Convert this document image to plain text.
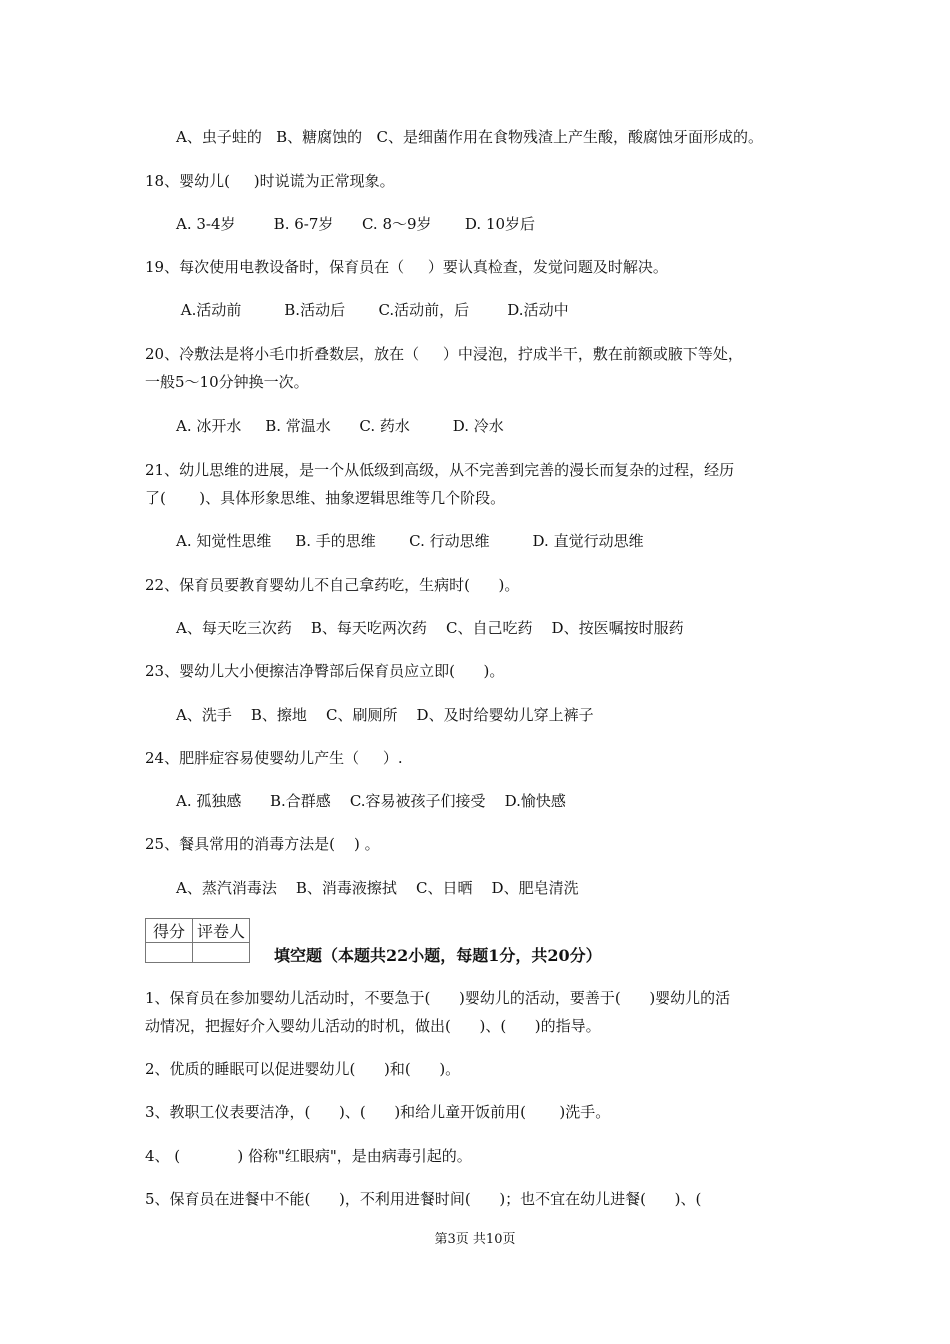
A、虫子蛀的   B、糖腐蚀的   C、是细菌作用在食物残渣上产生酸，酸腐蚀牙面形成的。
18、婴幼儿(     )时说谎为正常现象。
A. 3-4岁        B. 6-7岁      C. 8～9岁       D. 10岁后
19、每次使用电教设备时，保育员在（     ）要认真检查，发觉问题及时解决。
A.活动前         B.活动后       C.活动前，后        D.活动中
20、冷敷法是将小毛巾折叠数层，放在（     ）中浸泡，拧成半干，敷在前额或腋下等处，
一般5～10分钟换一次。
A. 冰开水     B. 常温水      C. 药水         D. 冷水
21、幼儿思维的进展，是一个从低级到高级，从不完善到完善的漫长而复杂的过程，经历
了(       )、具体形象思维、抽象逻辑思维等几个阶段。
A. 知觉性思维     B. 手的思维       C. 行动思维         D. 直觉行动思维
22、保育员要教育婴幼儿不自己拿药吃，生病时(      )。
A、每天吃三次药    B、每天吃两次药    C、自己吃药    D、按医嘱按时服药
23、婴幼儿大小便擦洁净臀部后保育员应立即(      )。
A、洗手    B、擦地    C、刷厕所    D、及时给婴幼儿穿上裤子
24、肥胖症容易使婴幼儿产生（     ）.
A. 孤独感      B.合群感    C.容易被孩子们接受    D.愉快感
25、餐具常用的消毒方法是(    ) 。
A、蒸汽消毒法    B、消毒液擦拭    C、日晒    D、肥皂清洗
得分	评卷人

填空题（本题共22小题，每题1分，共20分）
1、保育员在参加婴幼儿活动时，不要急于(      )婴幼儿的活动，要善于(      )婴幼儿的活
动情况，把握好介入婴幼儿活动的时机，做出(      )、(      )的指导。
2、优质的睡眠可以促进婴幼儿(      )和(      )。
3、教职工仪表要洁净，(      )、(      )和给儿童开饭前用(       )洗手。
4、 (            ) 俗称"红眼病"，是由病毒引起的。
5、保育员在进餐中不能(      )，不利用进餐时间(      )；也不宜在幼儿进餐(      )、(
第3页 共10页
